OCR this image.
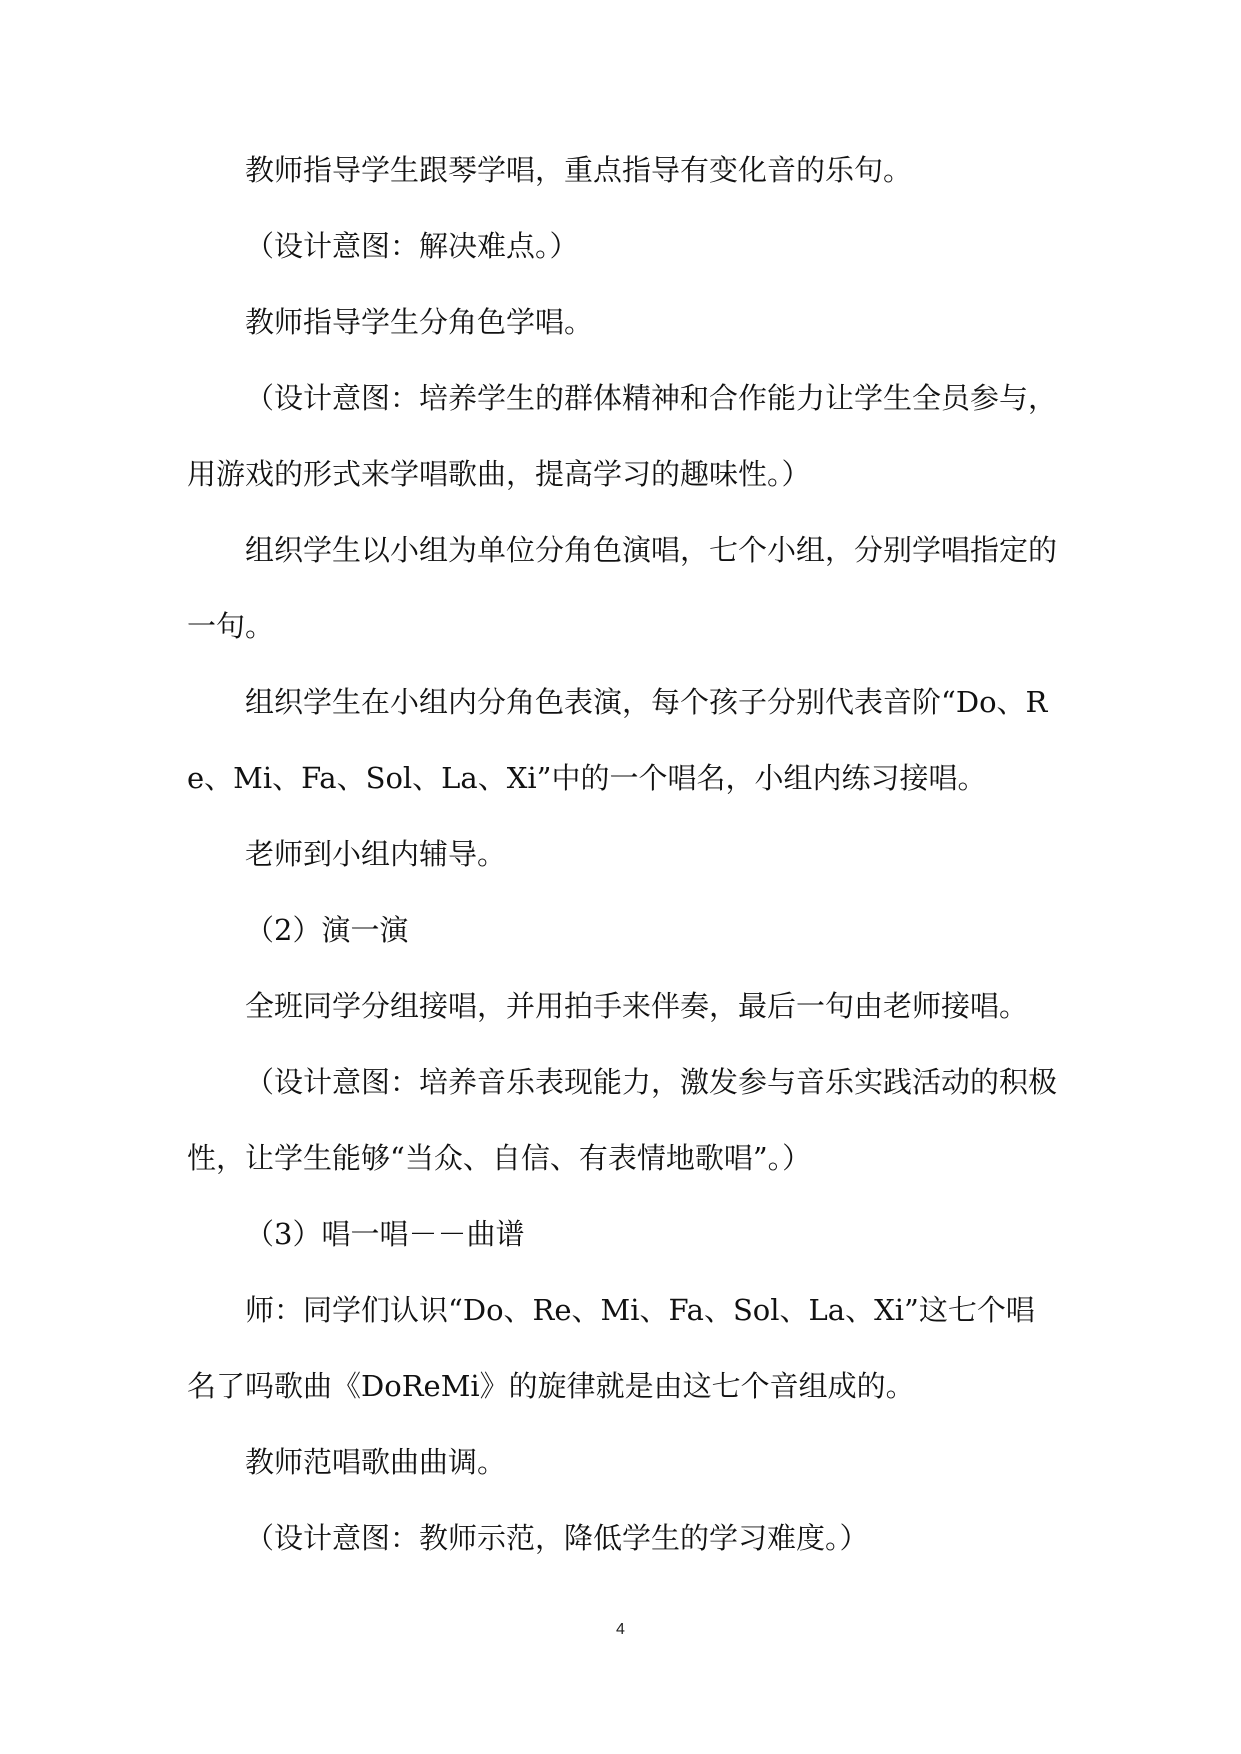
教师指导学生跟琴学唱，重点指导有变化音的乐句。

（设计意图：解决难点。）

教师指导学生分角色学唱。

（设计意图：培养学生的群体精神和合作能力让学生全员参与，用游戏的形式来学唱歌曲，提高学习的趣味性。）

组织学生以小组为单位分角色演唱，七个小组，分别学唱指定的一句。

组织学生在小组内分角色表演，每个孩子分别代表音阶“Do、Re、Mi、Fa、Sol、La、Xi”中的一个唱名，小组内练习接唱。

老师到小组内辅导。

（2）演一演

全班同学分组接唱，并用拍手来伴奏，最后一句由老师接唱。

（设计意图：培养音乐表现能力，激发参与音乐实践活动的积极性，让学生能够“当众、自信、有表情地歌唱”。）

（3）唱一唱－－曲谱

师：同学们认识“Do、Re、Mi、Fa、Sol、La、Xi”这七个唱名了吗歌曲《DoReMi》的旋律就是由这七个音组成的。

教师范唱歌曲曲调。

（设计意图：教师示范，降低学生的学习难度。）

4
